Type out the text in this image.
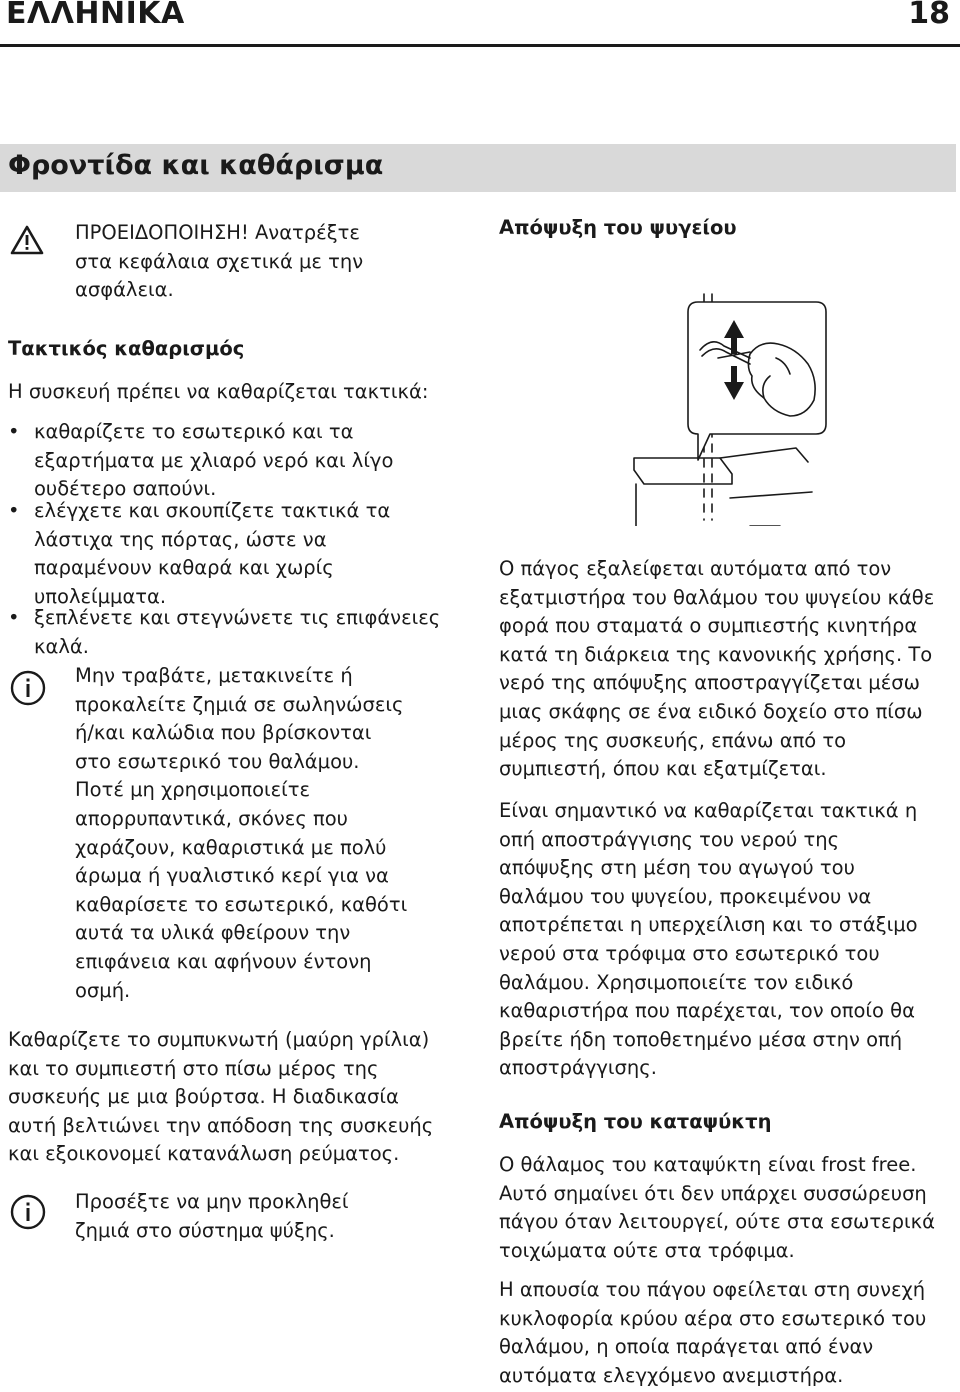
ΕΛΛΗΝΙΚΑ	18
Φροντίδα και καθάρισμα
ΠΡΟΕΙΔΟΠΟΙΗΣΗ! Ανατρέξτε
στα κεφάλαια σχετικά με την
ασφάλεια.
Τακτικός καθαρισμός
Η συσκευή πρέπει να καθαρίζεται τακτικά:
• καθαρίζετε το εσωτερικό και τα
εξαρτήματα με χλιαρό νερό και λίγο
ουδέτερο σαπούνι.
• ελέγχετε και σκουπίζετε τακτικά τα
λάστιχα της πόρτας, ώστε να
παραμένουν καθαρά και χωρίς
υπολείμματα.
• ξεπλένετε και στεγνώνετε τις επιφάνειες
καλά.
Μην τραβάτε, μετακινείτε ή
προκαλείτε ζημιά σε σωληνώσεις
ή/και καλώδια που βρίσκονται
στο εσωτερικό του θαλάμου.
Ποτέ μη χρησιμοποιείτε
απορρυπαντικά, σκόνες που
χαράζουν, καθαριστικά με πολύ
άρωμα ή γυαλιστικό κερί για να
καθαρίσετε το εσωτερικό, καθότι
αυτά τα υλικά φθείρουν την
επιφάνεια και αφήνουν έντονη
οσμή.
Καθαρίζετε το συμπυκνωτή (μαύρη γρίλια)
και το συμπιεστή στο πίσω μέρος της
συσκευής με μια βούρτσα. Η διαδικασία
αυτή βελτιώνει την απόδοση της συσκευής
και εξοικονομεί κατανάλωση ρεύματος.
Προσέξτε να μην προκληθεί
ζημιά στο σύστημα ψύξης.
Απόψυξη του ψυγείου
Ο πάγος εξαλείφεται αυτόματα από τον
εξατμιστήρα του θαλάμου του ψυγείου κάθε
φορά που σταματά ο συμπιεστής κινητήρα
κατά τη διάρκεια της κανονικής χρήσης. Το
νερό της απόψυξης αποστραγγίζεται μέσω
μιας σκάφης σε ένα ειδικό δοχείο στο πίσω
μέρος της συσκευής, επάνω από το
συμπιεστή, όπου και εξατμίζεται.
Είναι σημαντικό να καθαρίζεται τακτικά η
οπή αποστράγγισης του νερού της
απόψυξης στη μέση του αγωγού του
θαλάμου του ψυγείου, προκειμένου να
αποτρέπεται η υπερχείλιση και το στάξιμο
νερού στα τρόφιμα στο εσωτερικό του
θαλάμου. Χρησιμοποιείτε τον ειδικό
καθαριστήρα που παρέχεται, τον οποίο θα
βρείτε ήδη τοποθετημένο μέσα στην οπή
αποστράγγισης.
Απόψυξη του καταψύκτη
Ο θάλαμος του καταψύκτη είναι frost free.
Αυτό σημαίνει ότι δεν υπάρχει συσσώρευση
πάγου όταν λειτουργεί, ούτε στα εσωτερικά
τοιχώματα ούτε στα τρόφιμα.
Η απουσία του πάγου οφείλεται στη συνεχή
κυκλοφορία κρύου αέρα στο εσωτερικό του
θαλάμου, η οποία παράγεται από έναν
αυτόματα ελεγχόμενο ανεμιστήρα.
